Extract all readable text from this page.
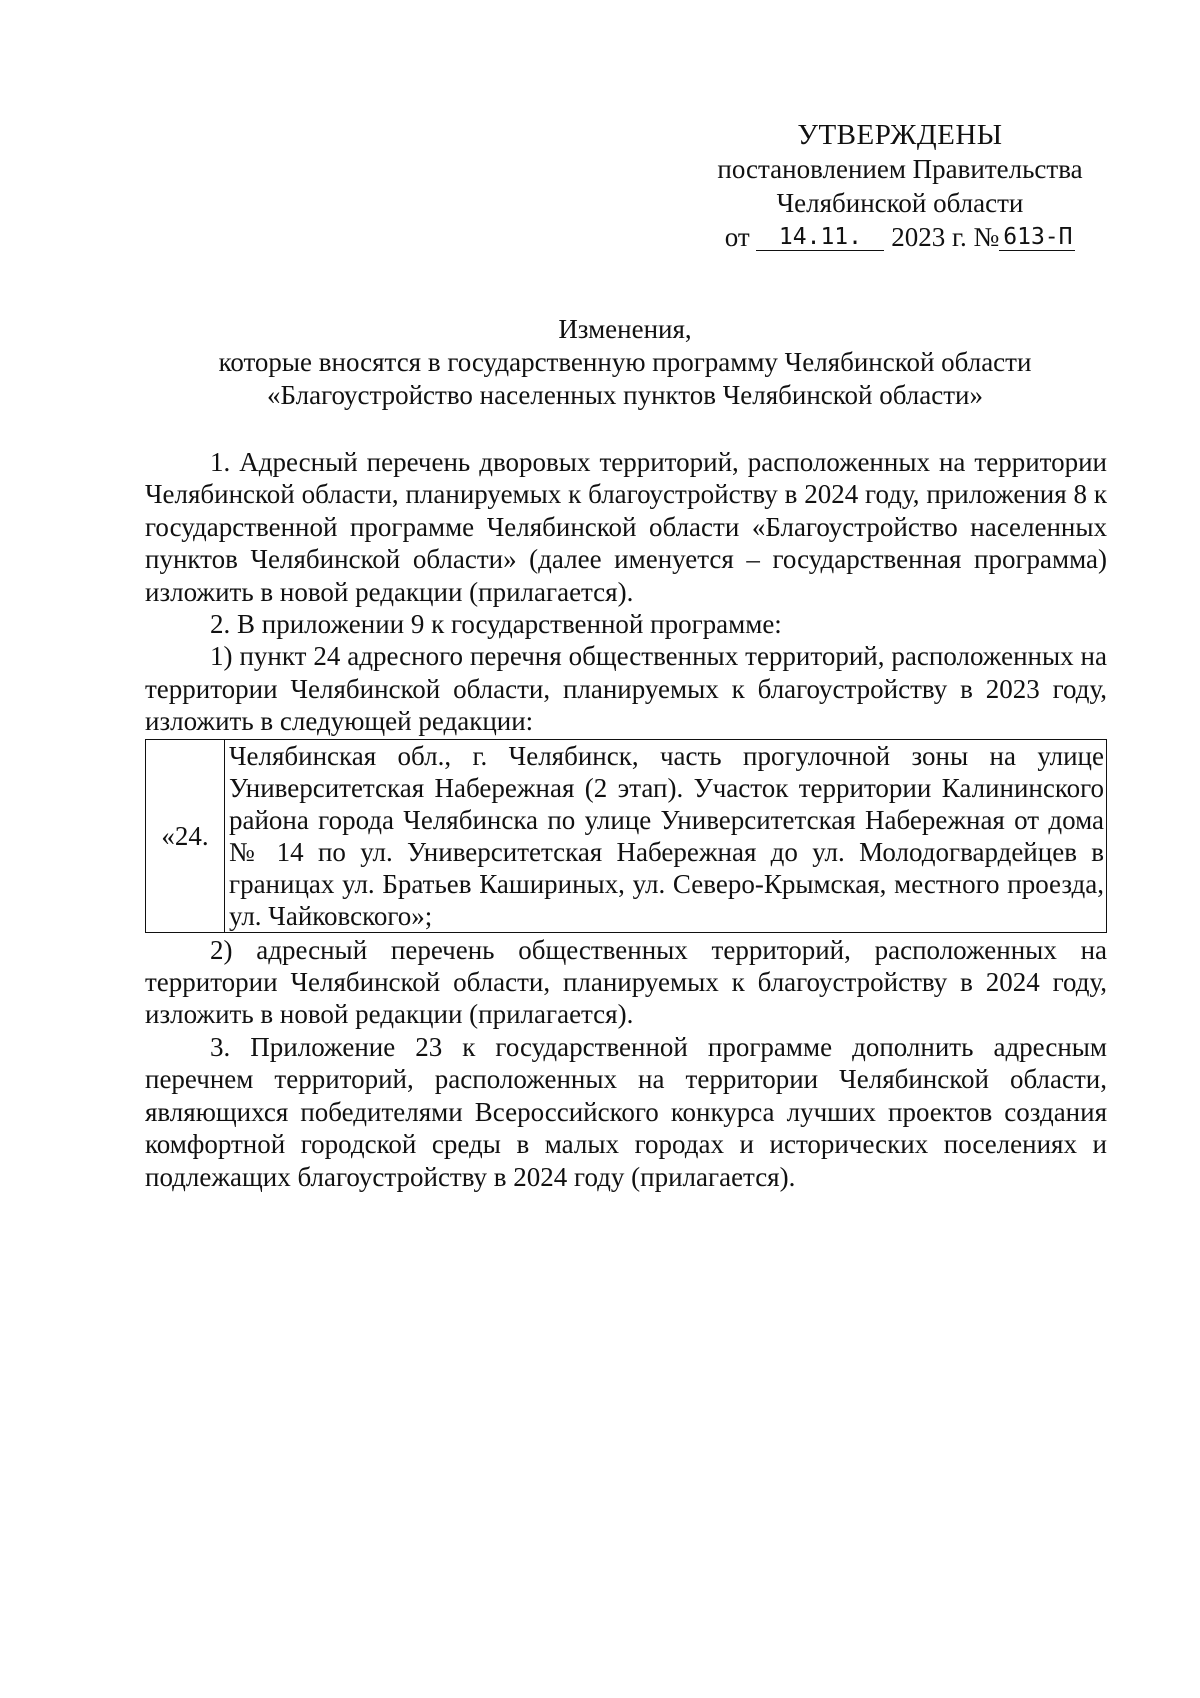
УТВЕРЖДЕНЫ
постановлением Правительства
Челябинской области
от 14.11. 2023 г. № 613-П
Изменения,
которые вносятся в государственную программу Челябинской области
«Благоустройство населенных пунктов Челябинской области»

1. Адресный перечень дворовых территорий, расположенных на территории Челябинской области, планируемых к благоустройству в 2024 году, приложения 8 к государственной программе Челябинской области «Благоустройство населенных пунктов Челябинской области» (далее именуется – государственная программа) изложить в новой редакции (прилагается).

2. В приложении 9 к государственной программе:

1) пункт 24 адресного перечня общественных территорий, расположенных на территории Челябинской области, планируемых к благоустройству в 2023 году, изложить в следующей редакции:

«24.	Челябинская обл., г. Челябинск, часть прогулочной зоны на улице Университетская Набережная (2 этап). Участок территории Калининского района города Челябинска по улице Университетская Набережная от дома № 14 по ул. Университетская Набережная до ул. Молодогвардейцев в границах ул. Братьев Кашириных, ул. Северо-Крымская, местного проезда, ул. Чайковского»;

2) адресный перечень общественных территорий, расположенных на территории Челябинской области, планируемых к благоустройству в 2024 году, изложить в новой редакции (прилагается).

3. Приложение 23 к государственной программе дополнить адресным перечнем территорий, расположенных на территории Челябинской области, являющихся победителями Всероссийского конкурса лучших проектов создания комфортной городской среды в малых городах и исторических поселениях и подлежащих благоустройству в 2024 году (прилагается).
